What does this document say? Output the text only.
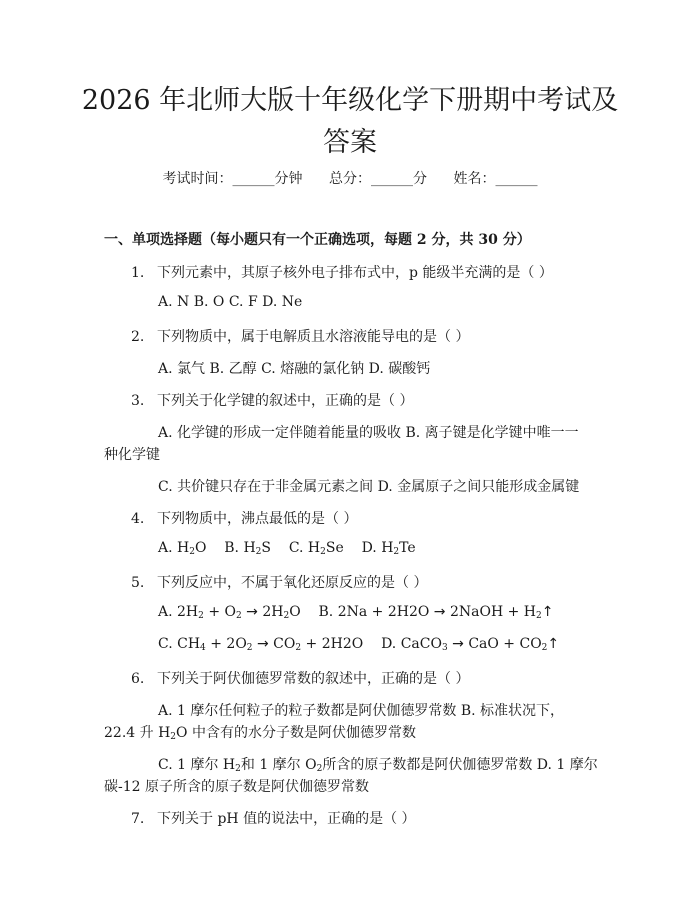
2026 年北师大版十年级化学下册期中考试及
答案
考试时间：______分钟 总分：______分 姓名：______
一、单项选择题（每小题只有一个正确选项，每题 2 分，共 30 分）
1. 下列元素中，其原子核外电子排布式中，p 能级半充满的是（ ）
A. N B. O C. F D. Ne
2. 下列物质中，属于电解质且水溶液能导电的是（ ）
A. 氯气 B. 乙醇 C. 熔融的氯化钠 D. 碳酸钙
3. 下列关于化学键的叙述中，正确的是（ ）
A. 化学键的形成一定伴随着能量的吸收 B. 离子键是化学键中唯一一
种化学键
C. 共价键只存在于非金属元素之间 D. 金属原子之间只能形成金属键
4. 下列物质中，沸点最低的是（ ）
A. $H_2O$ B. $H_2S$ C. $H_2Se$ D. $H_2Te$
5. 下列反应中，不属于氧化还原反应的是（ ）
A. $2H_2 + O_2 \to 2H_2O$ B. 2Na + 2H2O → 2NaOH + $H_2↑$
C. $CH_4 + 2O_2 \to CO_2 + 2H2O$ D. CaCO$_3$ → CaO + $CO_2↑$
6. 下列关于阿伏伽德罗常数的叙述中，正确的是（ ）
A. 1 摩尔任何粒子的粒子数都是阿伏伽德罗常数 B. 标准状况下，
22.4 升 $H_2O$ 中含有的水分子数是阿伏伽德罗常数
C. 1 摩尔 $H_2$和 1 摩尔 $O_2$所含的原子数都是阿伏伽德罗常数 D. 1 摩尔
碳-12 原子所含的原子数是阿伏伽德罗常数
7. 下列关于 pH 值的说法中，正确的是（ ）
